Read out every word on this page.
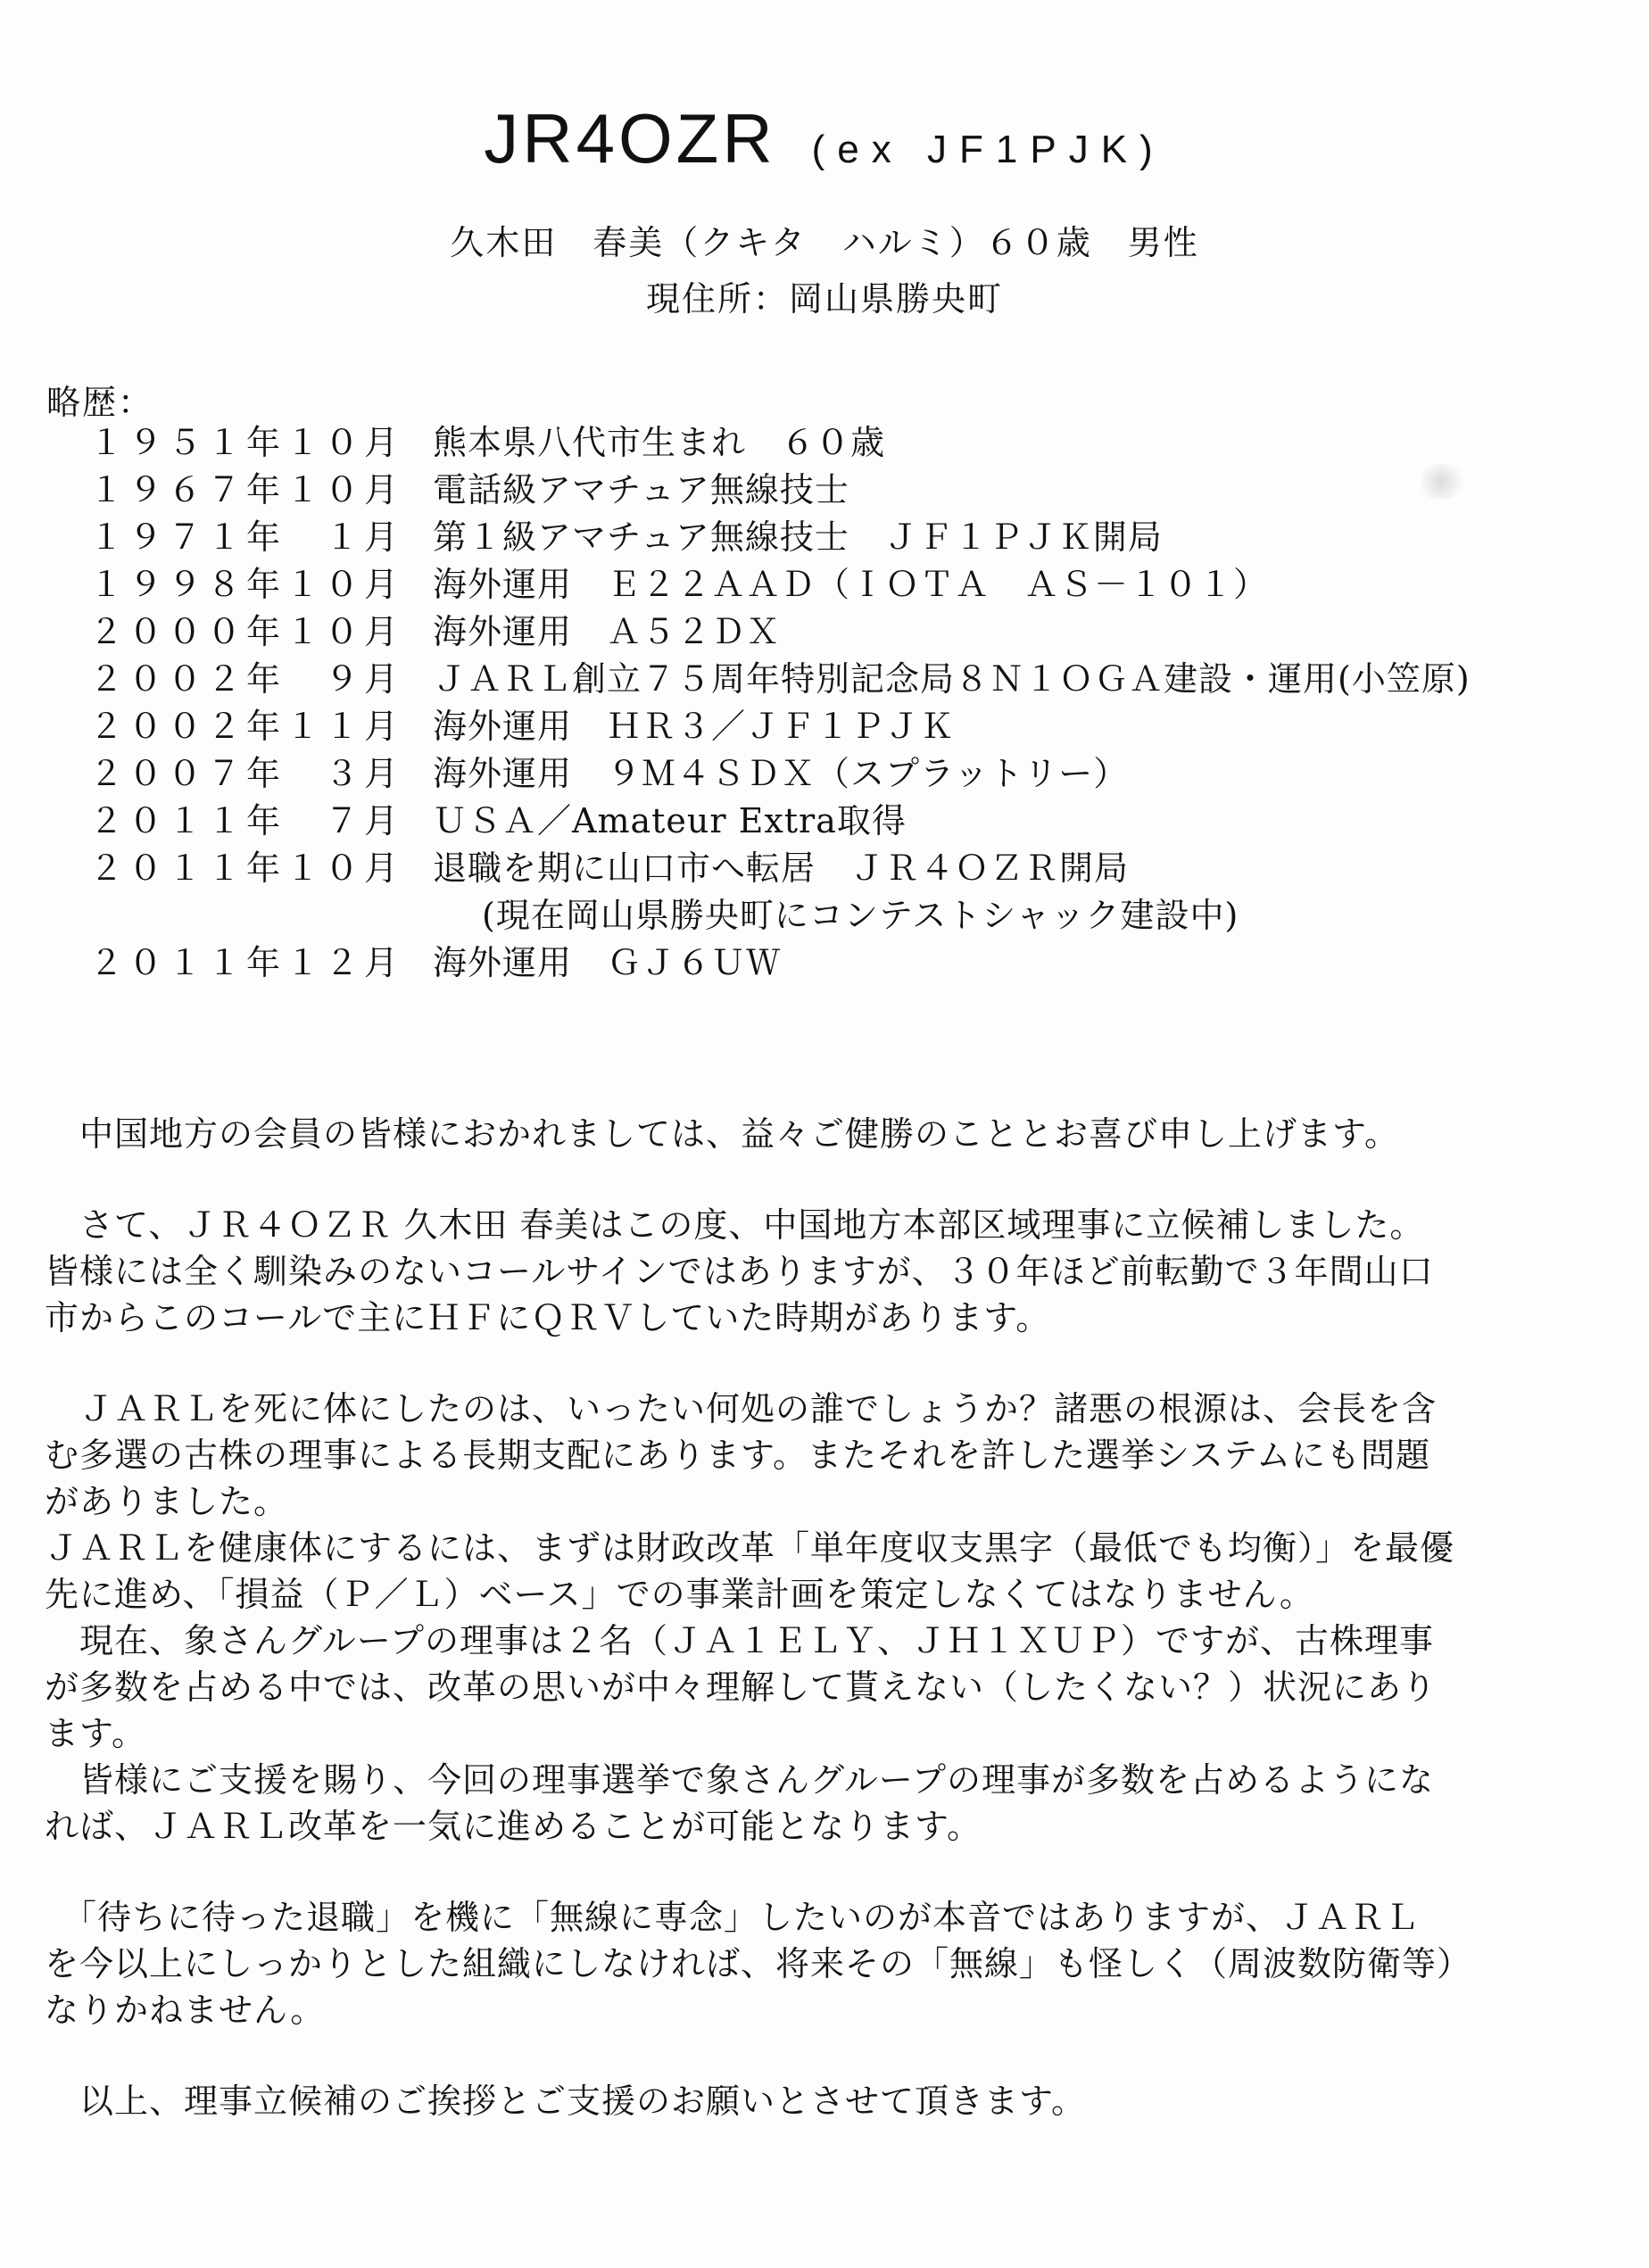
JR4OZR (ex JF1PJK)
久木田　春美（クキタ　ハルミ）６０歳　男性
現住所：岡山県勝央町
略歴：
１９５１年１０月 熊本県八代市生まれ　６０歳
１９６７年１０月 電話級アマチュア無線技士
１９７１年　１月 第１級アマチュア無線技士　ＪＦ１ＰＪＫ開局
１９９８年１０月 海外運用　Ｅ２２ＡＡＤ（ＩＯＴＡ　ＡＳ－１０１）
２０００年１０月 海外運用　Ａ５２ＤＸ
２００２年　９月 ＪＡＲＬ創立７５周年特別記念局８Ｎ１ＯＧＡ建設・運用(小笠原)
２００２年１１月 海外運用　ＨＲ３／ＪＦ１ＰＪＫ
２００７年　３月 海外運用　９Ｍ４ＳＤＸ（スプラットリー）
２０１１年　７月 ＵＳＡ／Amateur Extra取得
２０１１年１０月 退職を期に山口市へ転居　ＪＲ４ＯＺＲ開局
(現在岡山県勝央町にコンテストシャック建設中)
２０１１年１２月 海外運用　ＧＪ６ＵＷ

　中国地方の会員の皆様におかれましては、益々ご健勝のこととお喜び申し上げます。

　さて、ＪＲ４ＯＺＲ 久木田 春美はこの度、中国地方本部区域理事に立候補しました。
皆様には全く馴染みのないコールサインではありますが、３０年ほど前転勤で３年間山口
市からこのコールで主にＨＦにＱＲＶしていた時期があります。

　ＪＡＲＬを死に体にしたのは、いったい何処の誰でしょうか？諸悪の根源は、会長を含
む多選の古株の理事による長期支配にあります。またそれを許した選挙システムにも問題
がありました。

ＪＡＲＬを健康体にするには、まずは財政改革「単年度収支黒字（最低でも均衡）」を最優
先に進め、「損益（Ｐ／Ｌ）ベース」での事業計画を策定しなくてはなりません。

　現在、象さんグループの理事は２名（ＪＡ１ＥＬＹ、ＪＨ１ＸＵＰ）ですが、古株理事
が多数を占める中では、改革の思いが中々理解して貰えない（したくない？）状況にあり
ます。

　皆様にご支援を賜り、今回の理事選挙で象さんグループの理事が多数を占めるようにな
れば、ＪＡＲＬ改革を一気に進めることが可能となります。

　「待ちに待った退職」を機に「無線に専念」したいのが本音ではありますが、ＪＡＲＬ
を今以上にしっかりとした組織にしなければ、将来その「無線」も怪しく（周波数防衛等）
なりかねません。

　以上、理事立候補のご挨拶とご支援のお願いとさせて頂きます。
